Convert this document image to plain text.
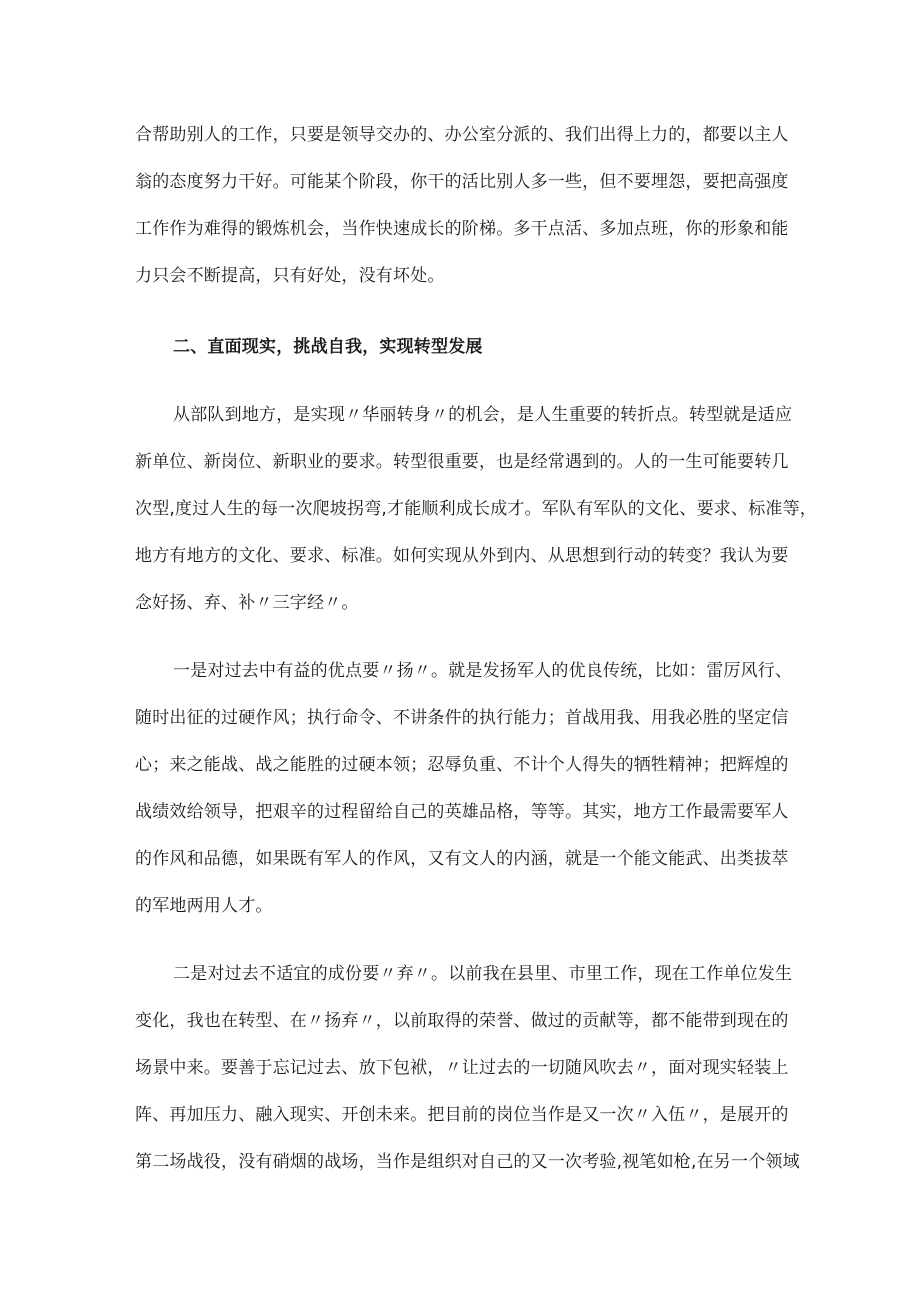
合帮助别人的工作，只要是领导交办的、办公室分派的、我们出得上力的，都要以主人
翁的态度努力干好。可能某个阶段，你干的活比别人多一些，但不要埋怨，要把高强度
工作作为难得的锻炼机会，当作快速成长的阶梯。多干点活、多加点班，你的形象和能
力只会不断提高，只有好处，没有坏处。
二、直面现实，挑战自我，实现转型发展
从部队到地方，是实现〃华丽转身〃的机会，是人生重要的转折点。转型就是适应
新单位、新岗位、新职业的要求。转型很重要，也是经常遇到的。人的一生可能要转几
次型,度过人生的每一次爬坡拐弯,才能顺利成长成才。军队有军队的文化、要求、标准等，
地方有地方的文化、要求、标准。如何实现从外到内、从思想到行动的转变？我认为要
念好扬、弃、补〃三字经〃。
一是对过去中有益的优点要〃扬〃。就是发扬军人的优良传统，比如：雷厉风行、
随时出征的过硬作风；执行命令、不讲条件的执行能力；首战用我、用我必胜的坚定信
心；来之能战、战之能胜的过硬本领；忍辱负重、不计个人得失的牺牲精神；把辉煌的
战绩效给领导，把艰辛的过程留给自己的英雄品格，等等。其实，地方工作最需要军人
的作风和品德，如果既有军人的作风，又有文人的内涵，就是一个能文能武、出类拔萃
的军地两用人才。
二是对过去不适宜的成份要〃弃〃。以前我在县里、市里工作，现在工作单位发生
变化，我也在转型、在〃扬弃〃，以前取得的荣誉、做过的贡献等，都不能带到现在的
场景中来。要善于忘记过去、放下包袱，〃让过去的一切随风吹去〃，面对现实轻装上
阵、再加压力、融入现实、开创未来。把目前的岗位当作是又一次〃入伍〃，是展开的
第二场战役，没有硝烟的战场，当作是组织对自己的又一次考验,视笔如枪,在另一个领域
